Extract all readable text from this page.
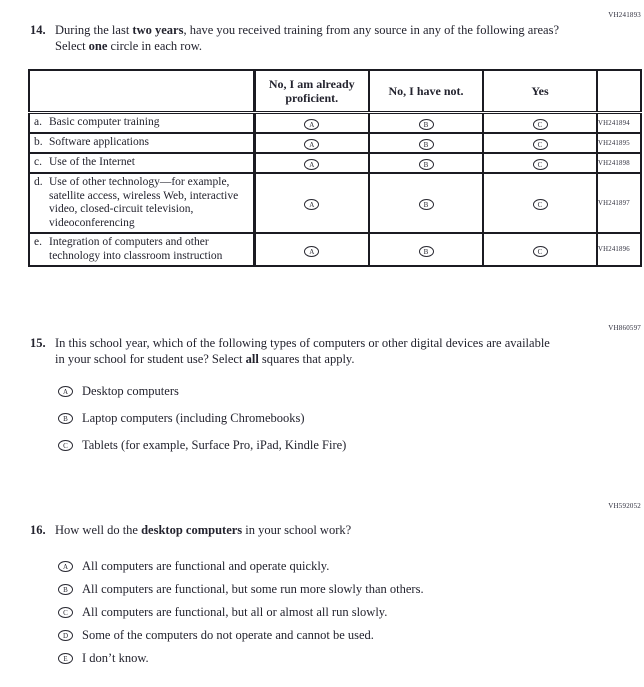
VH241893
14. During the last two years, have you received training from any source in any of the following areas? Select one circle in each row.
	No, I am already proficient.	No, I have not.	Yes	
a. Basic computer training	A	B	C	VH241894
b. Software applications	A	B	C	VH241895
c. Use of the Internet	A	B	C	VH241898
d. Use of other technology—for example, satellite access, wireless Web, interactive video, closed-circuit television, videoconferencing	A	B	C	VH241897
e. Integration of computers and other technology into classroom instruction	A	B	C	VH241896
VH860597
15. In this school year, which of the following types of computers or other digital devices are available in your school for student use? Select all squares that apply.
A	Desktop computers
B	Laptop computers (including Chromebooks)
C	Tablets (for example, Surface Pro, iPad, Kindle Fire)
VH592052
16. How well do the desktop computers in your school work?
A	All computers are functional and operate quickly.
B	All computers are functional, but some run more slowly than others.
C	All computers are functional, but all or almost all run slowly.
D	Some of the computers do not operate and cannot be used.
E	I don’t know.
